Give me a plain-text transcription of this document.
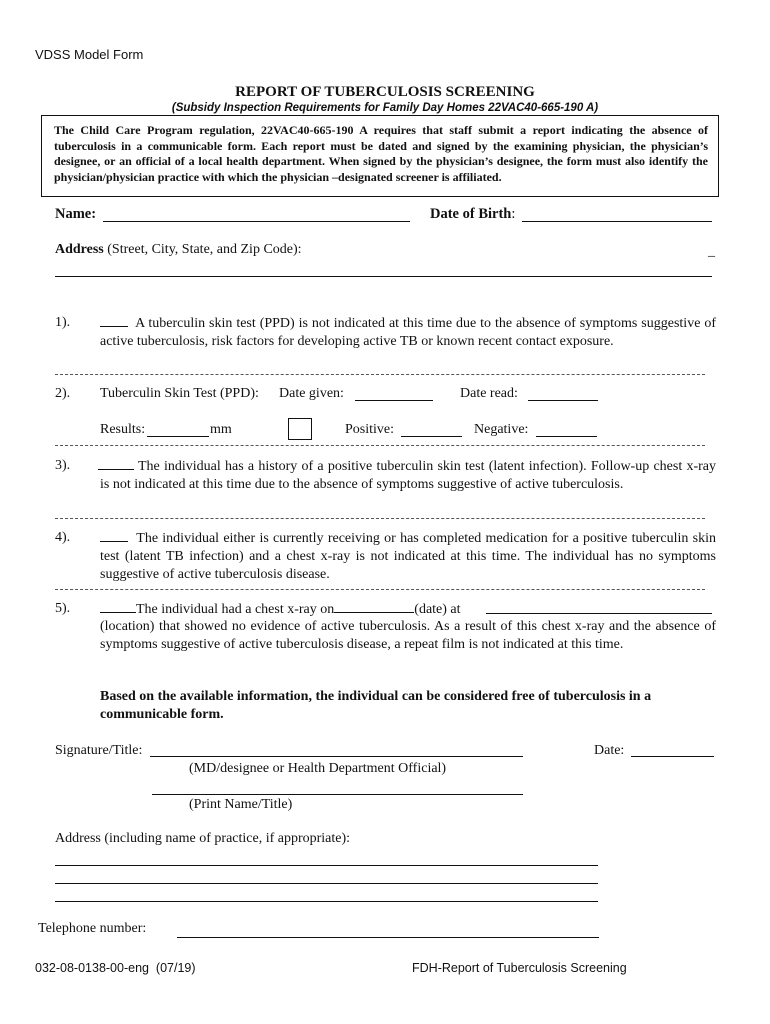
VDSS Model Form
REPORT OF TUBERCULOSIS SCREENING
(Subsidy Inspection Requirements for Family Day Homes 22VAC40-665-190 A)
The Child Care Program regulation, 22VAC40-665-190 A requires that staff submit a report indicating the absence of tuberculosis in a communicable form. Each report must be dated and signed by the examining physician, the physician’s designee, or an official of a local health department. When signed by the physician’s designee, the form must also identify the physician/physician practice with which the physician –designated screener is affiliated.
Name:	Date of Birth:
Address (Street, City, State, and Zip Code):	_
1).	A tuberculin skin test (PPD) is not indicated at this time due to the absence of symptoms suggestive of active tuberculosis, risk factors for developing active TB or known recent contact exposure.
2). Tuberculin Skin Test (PPD): Date given:	Date read:
Results:	mm	Positive:	Negative:
3).	The individual has a history of a positive tuberculin skin test (latent infection). Follow-up chest x-ray is not indicated at this time due to the absence of symptoms suggestive of active tuberculosis.
4).	The individual either is currently receiving or has completed medication for a positive tuberculin skin test (latent TB infection) and a chest x-ray is not indicated at this time. The individual has no symptoms suggestive of active tuberculosis disease.
5).	The individual had a chest x-ray on	(date) at
(location) that showed no evidence of active tuberculosis. As a result of this chest x-ray and the absence of symptoms suggestive of active tuberculosis disease, a repeat film is not indicated at this time.
Based on the available information, the individual can be considered free of tuberculosis in a communicable form.
Signature/Title:	Date:
(MD/designee or Health Department Official)
(Print Name/Title)
Address (including name of practice, if appropriate):
Telephone number:
032-08-0138-00-eng  (07/19)	FDH-Report of Tuberculosis Screening
